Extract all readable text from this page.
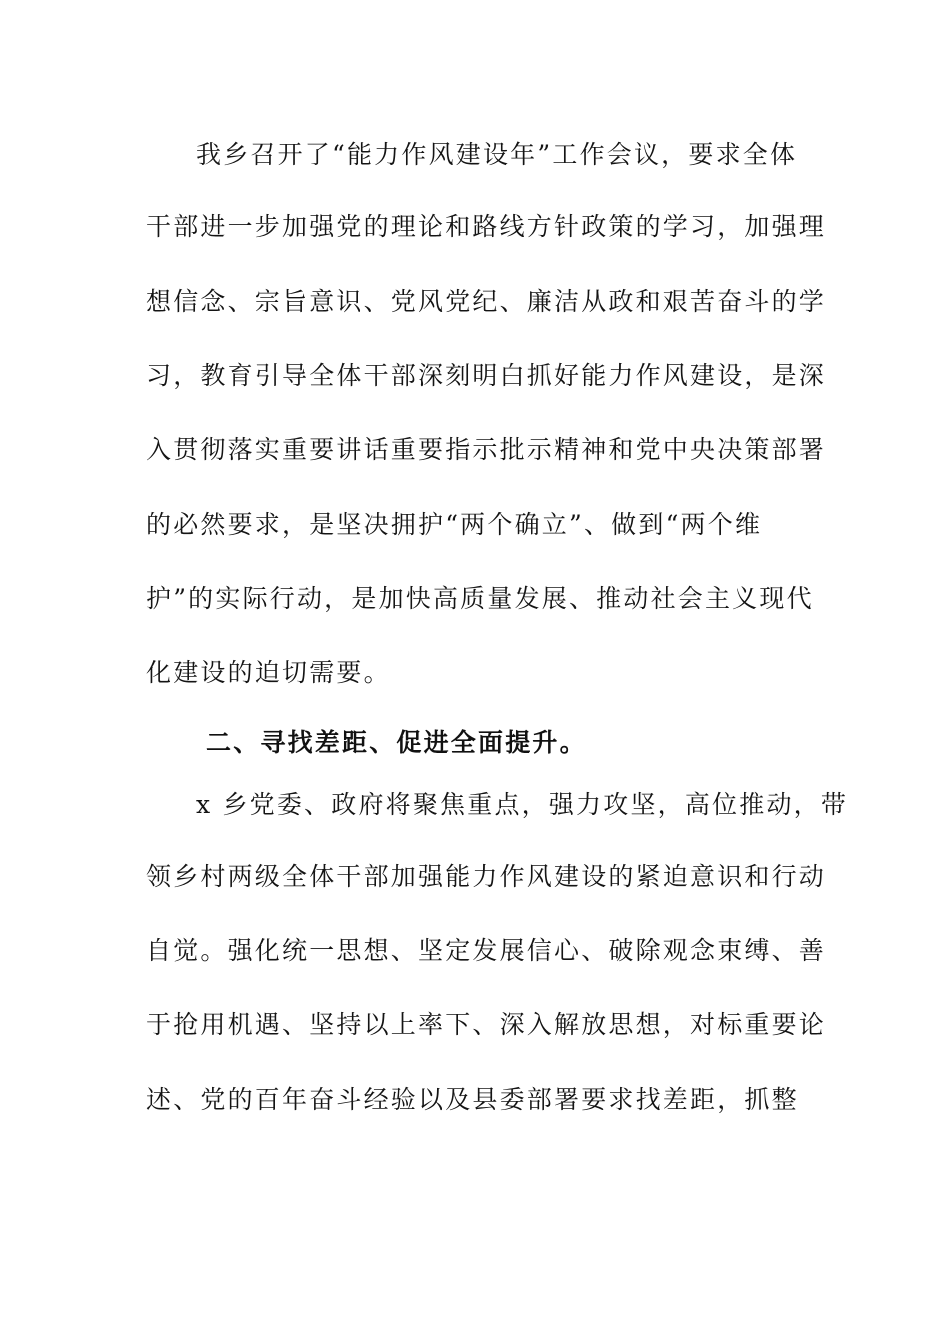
我乡召开了“能力作风建设年”工作会议，要求全体
干部进一步加强党的理论和路线方针政策的学习，加强理
想信念、宗旨意识、党风党纪、廉洁从政和艰苦奋斗的学
习，教育引导全体干部深刻明白抓好能力作风建设，是深
入贯彻落实重要讲话重要指示批示精神和党中央决策部署
的必然要求，是坚决拥护“两个确立”、做到“两个维
护”的实际行动，是加快高质量发展、推动社会主义现代
化建设的迫切需要。
二、寻找差距、促进全面提升。
x 乡党委、政府将聚焦重点，强力攻坚，高位推动，带
领乡村两级全体干部加强能力作风建设的紧迫意识和行动
自觉。强化统一思想、坚定发展信心、破除观念束缚、善
于抢用机遇、坚持以上率下、深入解放思想，对标重要论
述、党的百年奋斗经验以及县委部署要求找差距，抓整
